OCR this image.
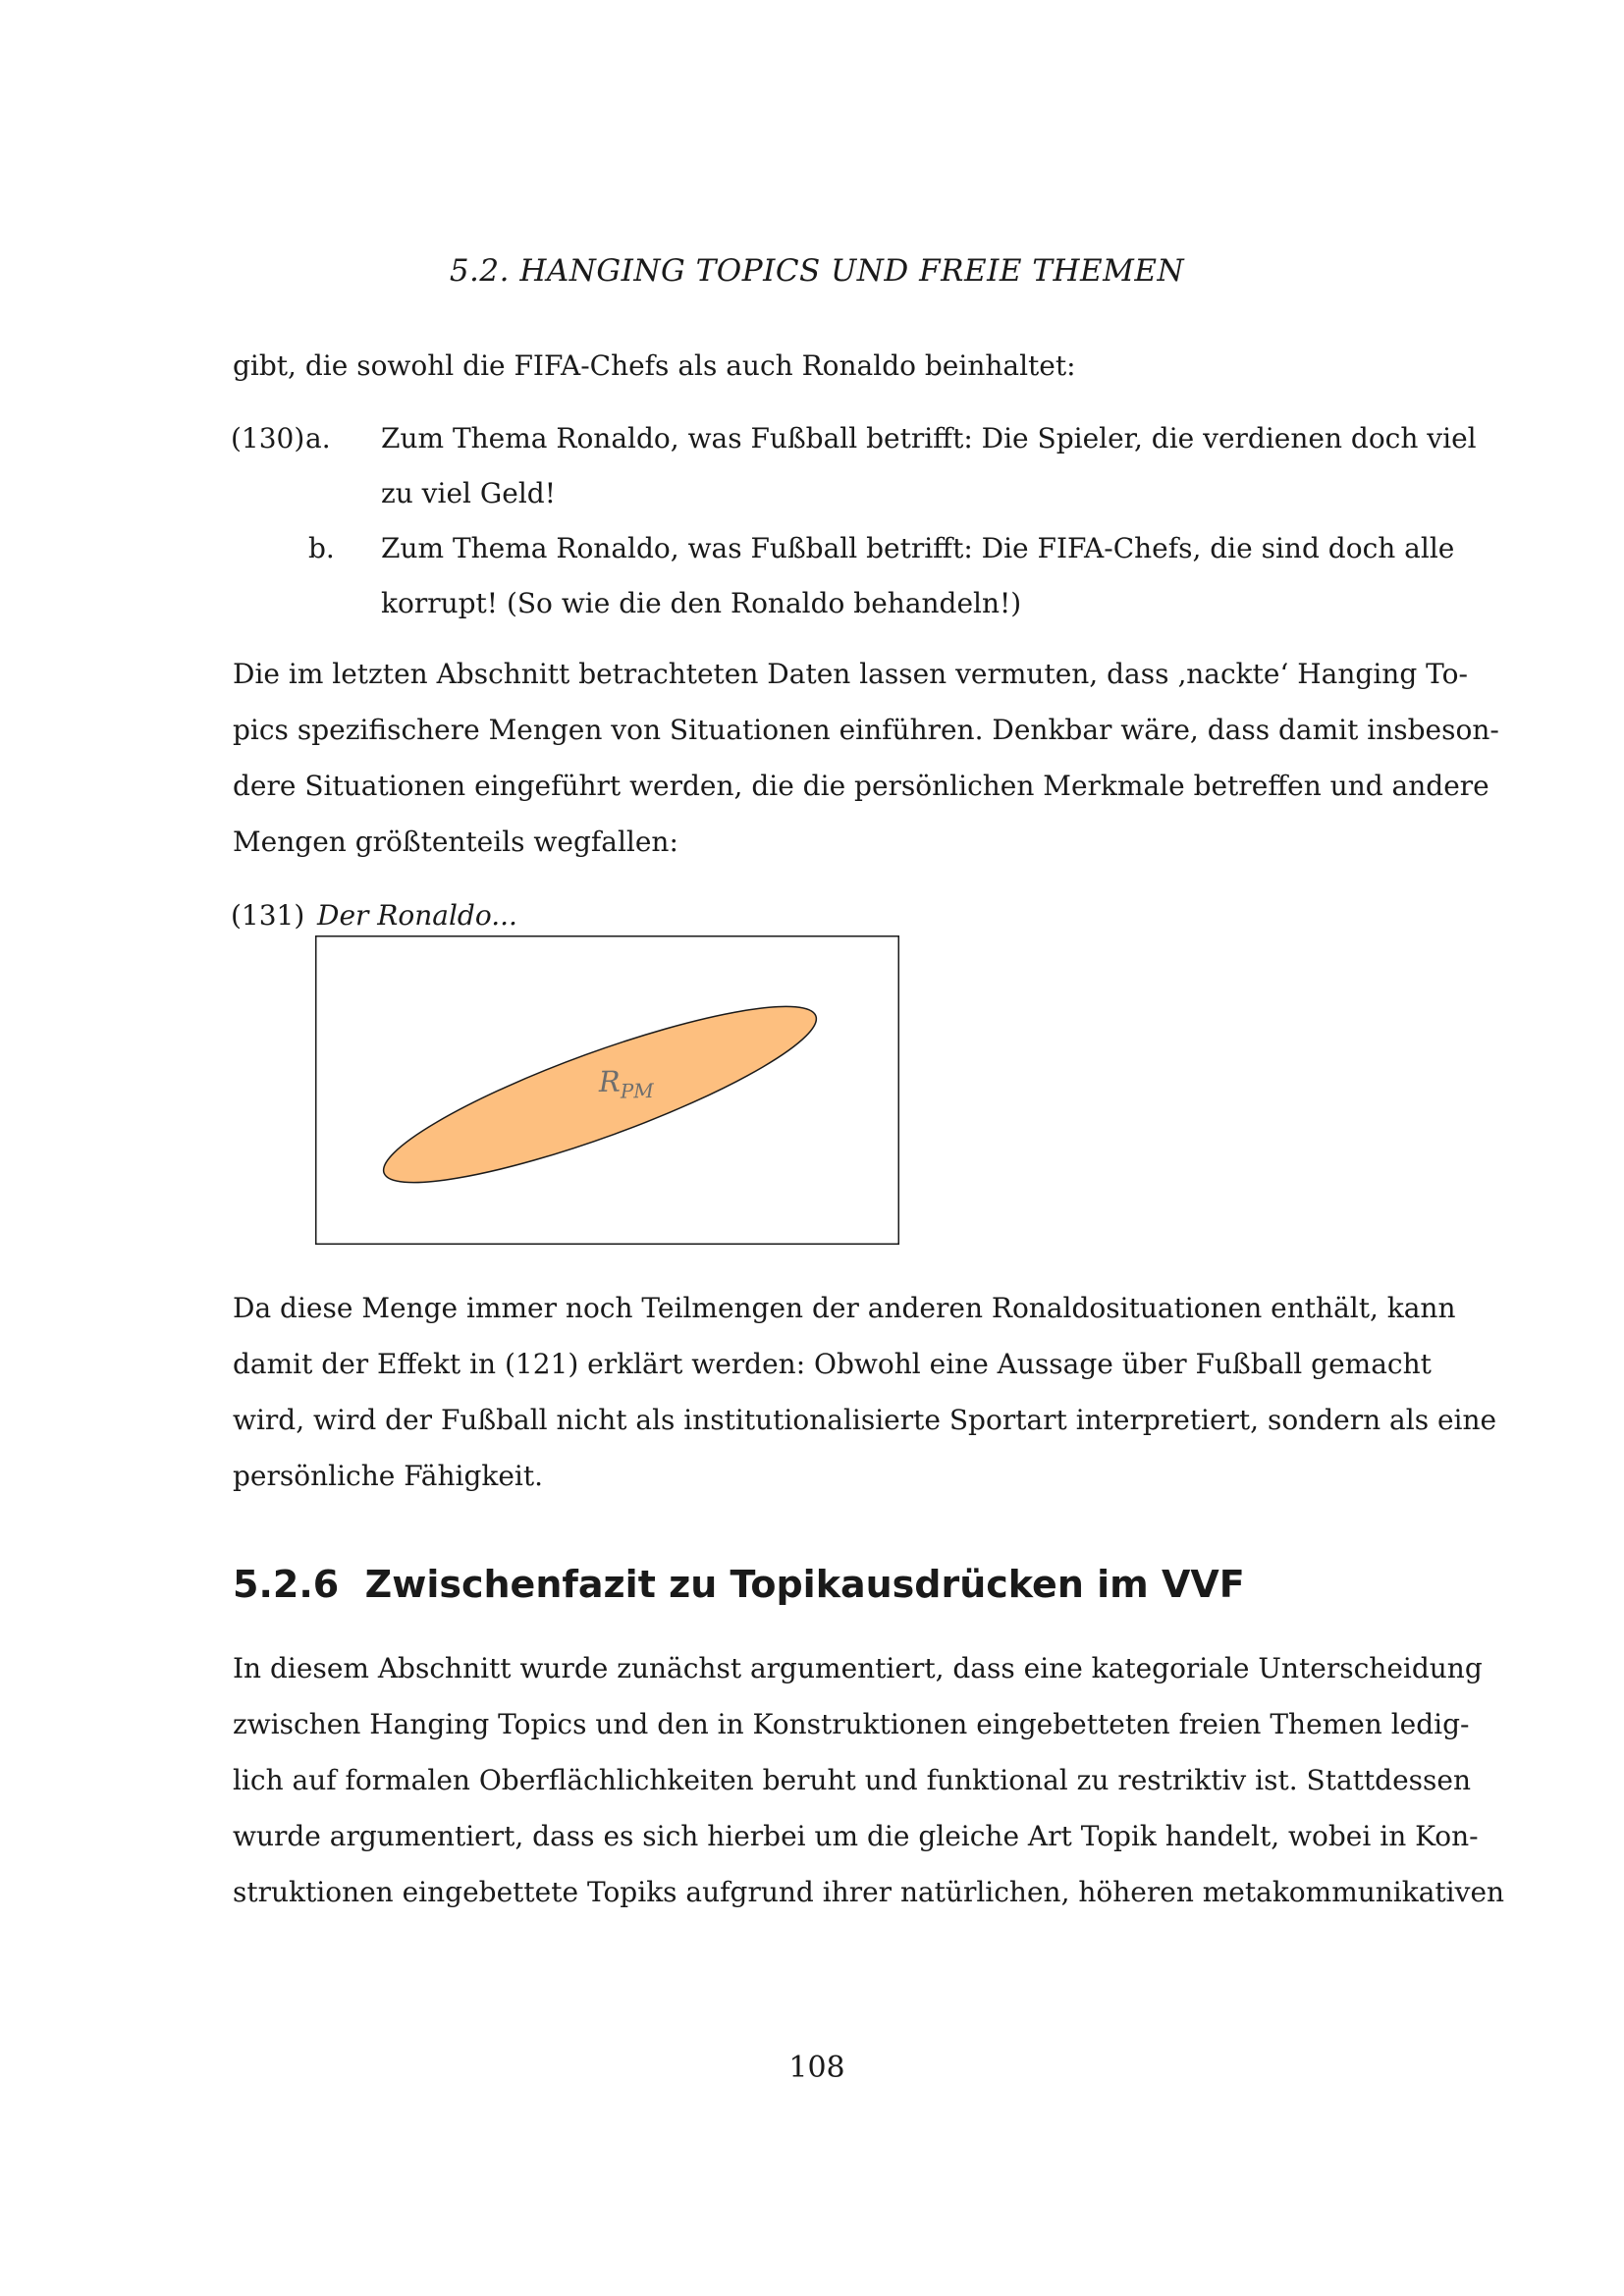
5.2. HANGING TOPICS UND FREIE THEMEN
gibt, die sowohl die FIFA-Chefs als auch Ronaldo beinhaltet:
(130) a. Zum Thema Ronaldo, was Fußball betrifft: Die Spieler, die verdienen doch viel
zu viel Geld!
b. Zum Thema Ronaldo, was Fußball betrifft: Die FIFA-Chefs, die sind doch alle
korrupt! (So wie die den Ronaldo behandeln!)
Die im letzten Abschnitt betrachteten Daten lassen vermuten, dass ‚nackte‘ Hanging To-
pics spezifischere Mengen von Situationen einführen. Denkbar wäre, dass damit insbeson-
dere Situationen eingeführt werden, die die persönlichen Merkmale betreffen und andere
Mengen größtenteils wegfallen:
(131) Der Ronaldo...
$R_{PM}$
Da diese Menge immer noch Teilmengen der anderen Ronaldosituationen enthält, kann
damit der Effekt in (121) erklärt werden: Obwohl eine Aussage über Fußball gemacht
wird, wird der Fußball nicht als institutionalisierte Sportart interpretiert, sondern als eine
persönliche Fähigkeit.
5.2.6 Zwischenfazit zu Topikausdrücken im VVF
In diesem Abschnitt wurde zunächst argumentiert, dass eine kategoriale Unterscheidung
zwischen Hanging Topics und den in Konstruktionen eingebetteten freien Themen ledig-
lich auf formalen Oberflächlichkeiten beruht und funktional zu restriktiv ist. Stattdessen
wurde argumentiert, dass es sich hierbei um die gleiche Art Topik handelt, wobei in Kon-
struktionen eingebettete Topiks aufgrund ihrer natürlichen, höheren metakommunikativen
108
